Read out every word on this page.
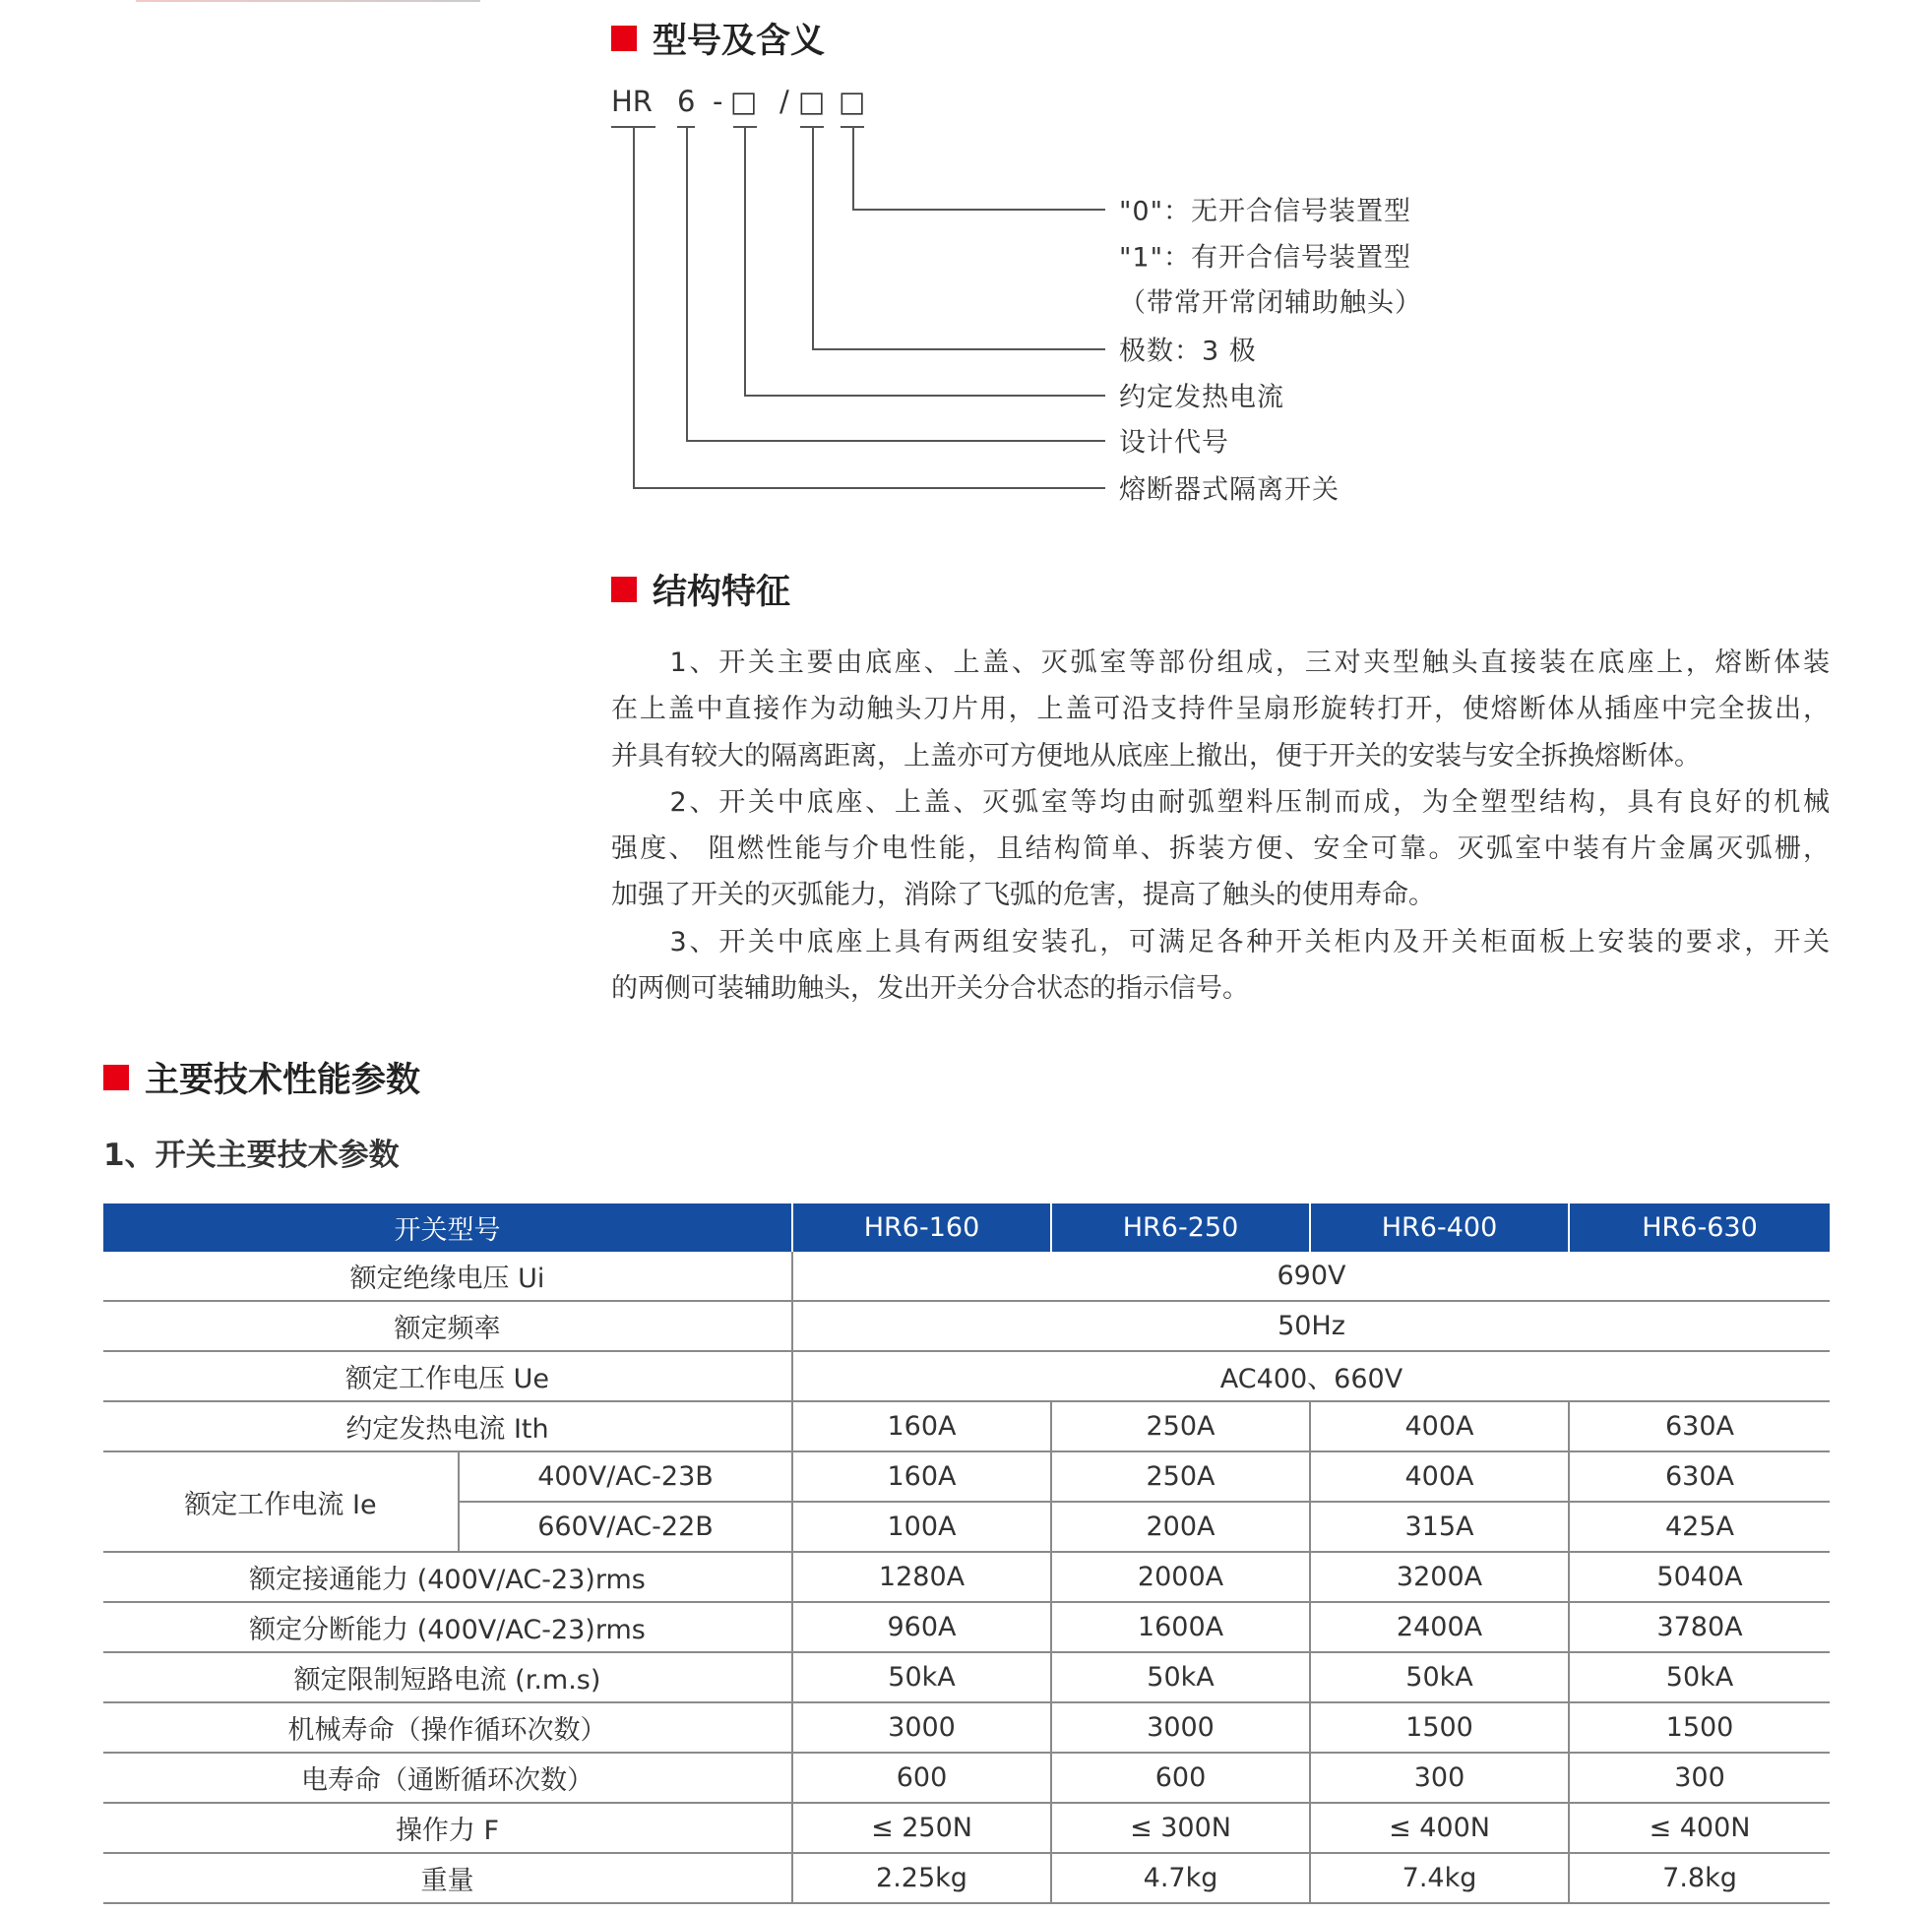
型号及含义
HR 6 - □ / □ □
"0"：无开合信号装置型
"1"：有开合信号装置型
（带常开常闭辅助触头）
极数：3 极
约定发热电流
设计代号
熔断器式隔离开关
结构特征
　　1、开关主要由底座、上盖、灭弧室等部份组成，三对夹型触头直接装在底座上，熔断体装
在上盖中直接作为动触头刀片用，上盖可沿支持件呈扇形旋转打开，使熔断体从插座中完全拔出，
并具有较大的隔离距离，上盖亦可方便地从底座上撤出，便于开关的安装与安全拆换熔断体。
　　2、开关中底座、上盖、灭弧室等均由耐弧塑料压制而成，为全塑型结构，具有良好的机械
强度、 阻燃性能与介电性能，且结构简单、拆装方便、安全可靠。灭弧室中装有片金属灭弧栅，
加强了开关的灭弧能力，消除了飞弧的危害，提高了触头的使用寿命。
　　3、开关中底座上具有两组安装孔，可满足各种开关柜内及开关柜面板上安装的要求，开关
的两侧可装辅助触头，发出开关分合状态的指示信号。
主要技术性能参数
1、开关主要技术参数
开关型号		HR6-160	HR6-250	HR6-400	HR6-630
额定绝缘电压 Ui		690V			
额定频率		50Hz			
额定工作电压 Ue		AC400、660V			
约定发热电流 Ith		160A	250A	400A	630A
额定工作电流 Ie	400V/AC-23B	160A	250A	400A	630A
	660V/AC-22B	100A	200A	315A	425A
额定接通能力 (400V/AC-23)rms		1280A	2000A	3200A	5040A
额定分断能力 (400V/AC-23)rms		960A	1600A	2400A	3780A
额定限制短路电流 (r.m.s)		50kA	50kA	50kA	50kA
机械寿命（操作循环次数）		3000	3000	1500	1500
电寿命（通断循环次数）		600	600	300	300
操作力 F		≤ 250N	≤ 300N	≤ 400N	≤ 400N
重量		2.25kg	4.7kg	7.4kg	7.8kg
